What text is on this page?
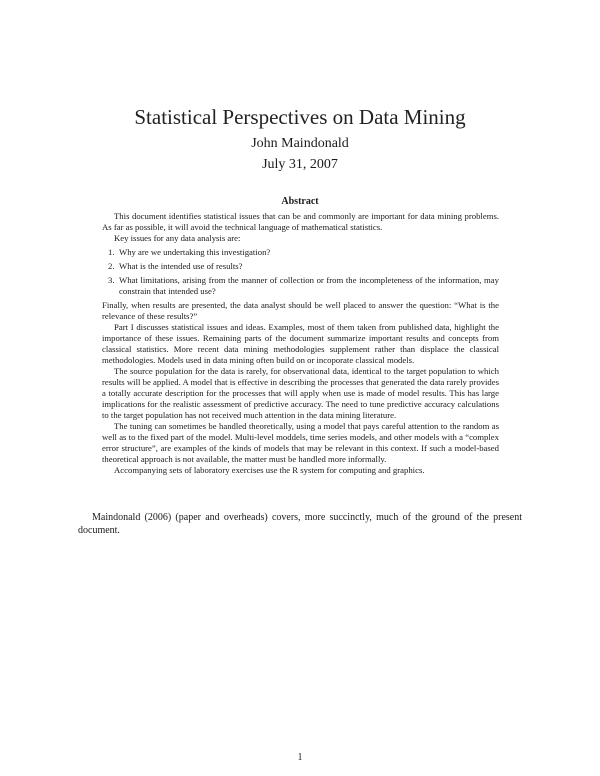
Statistical Perspectives on Data Mining
John Maindonald
July 31, 2007
Abstract

This document identifies statistical issues that can be and commonly are important for data mining problems. As far as possible, it will avoid the technical language of mathematical statistics.

Key issues for any data analysis are:

1. Why are we undertaking this investigation?
2. What is the intended use of results?
3. What limitations, arising from the manner of collection or from the incompleteness of the information, may constrain that intended use?

Finally, when results are presented, the data analyst should be well placed to answer the question: “What is the relevance of these results?”

Part I discusses statistical issues and ideas. Examples, most of them taken from published data, highlight the importance of these issues. Remaining parts of the document summarize important results and concepts from classical statistics. More recent data mining methodologies supplement rather than displace the classical methodologies. Models used in data mining often build on or incoporate classical models.

The source population for the data is rarely, for observational data, identical to the target population to which results will be applied. A model that is effective in describing the processes that generated the data rarely provides a totally accurate description for the processes that will apply when use is made of model results. This has large implications for the realistic assessment of predictive accuracy. The need to tune predictive accuracy calculations to the target population has not received much attention in the data mining literature.

The tuning can sometimes be handled theoretically, using a model that pays careful attention to the random as well as to the fixed part of the model. Multi-level moddels, time series models, and other models with a “complex error structure”, are examples of the kinds of models that may be relevant in this context. If such a model-based theoretical approach is not available, the matter must be handled more informally.

Accompanying sets of laboratory exercises use the R system for computing and graphics.

Maindonald (2006) (paper and overheads) covers, more succinctly, much of the ground of the present document.

1
